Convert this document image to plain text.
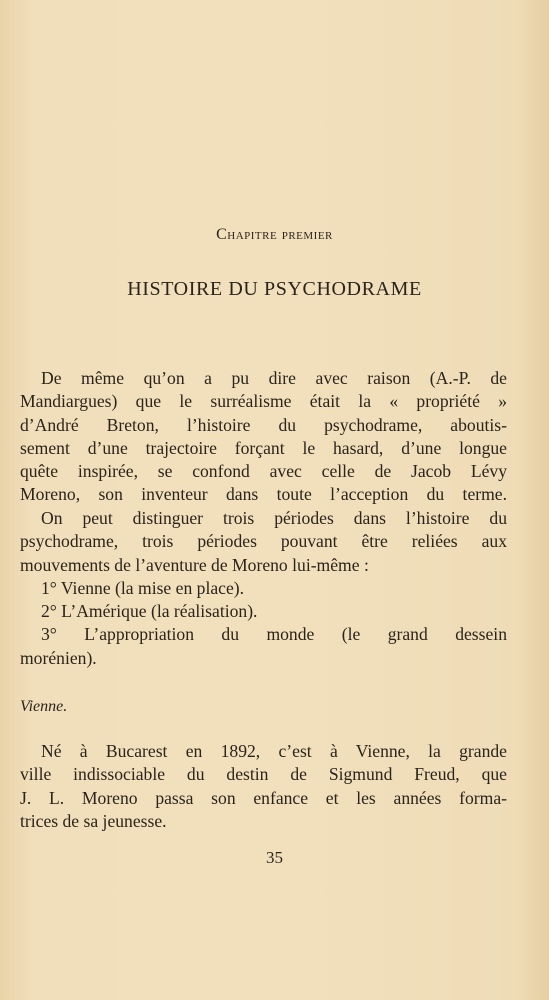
Chapitre premier
HISTOIRE DU PSYCHODRAME
De même qu’on a pu dire avec raison (A.-P. de
Mandiargues) que le surréalisme était la « propriété »
d’André Breton, l’histoire du psychodrame, aboutis-
sement d’une trajectoire forçant le hasard, d’une longue
quête inspirée, se confond avec celle de Jacob Lévy
Moreno, son inventeur dans toute l’acception du terme.
On peut distinguer trois périodes dans l’histoire du
psychodrame, trois périodes pouvant être reliées aux
mouvements de l’aventure de Moreno lui-même :
1° Vienne (la mise en place).
2° L’Amérique (la réalisation).
3° L’appropriation du monde (le grand dessein
morénien).
Vienne.
Né à Bucarest en 1892, c’est à Vienne, la grande
ville indissociable du destin de Sigmund Freud, que
J. L. Moreno passa son enfance et les années forma-
trices de sa jeunesse.
35
